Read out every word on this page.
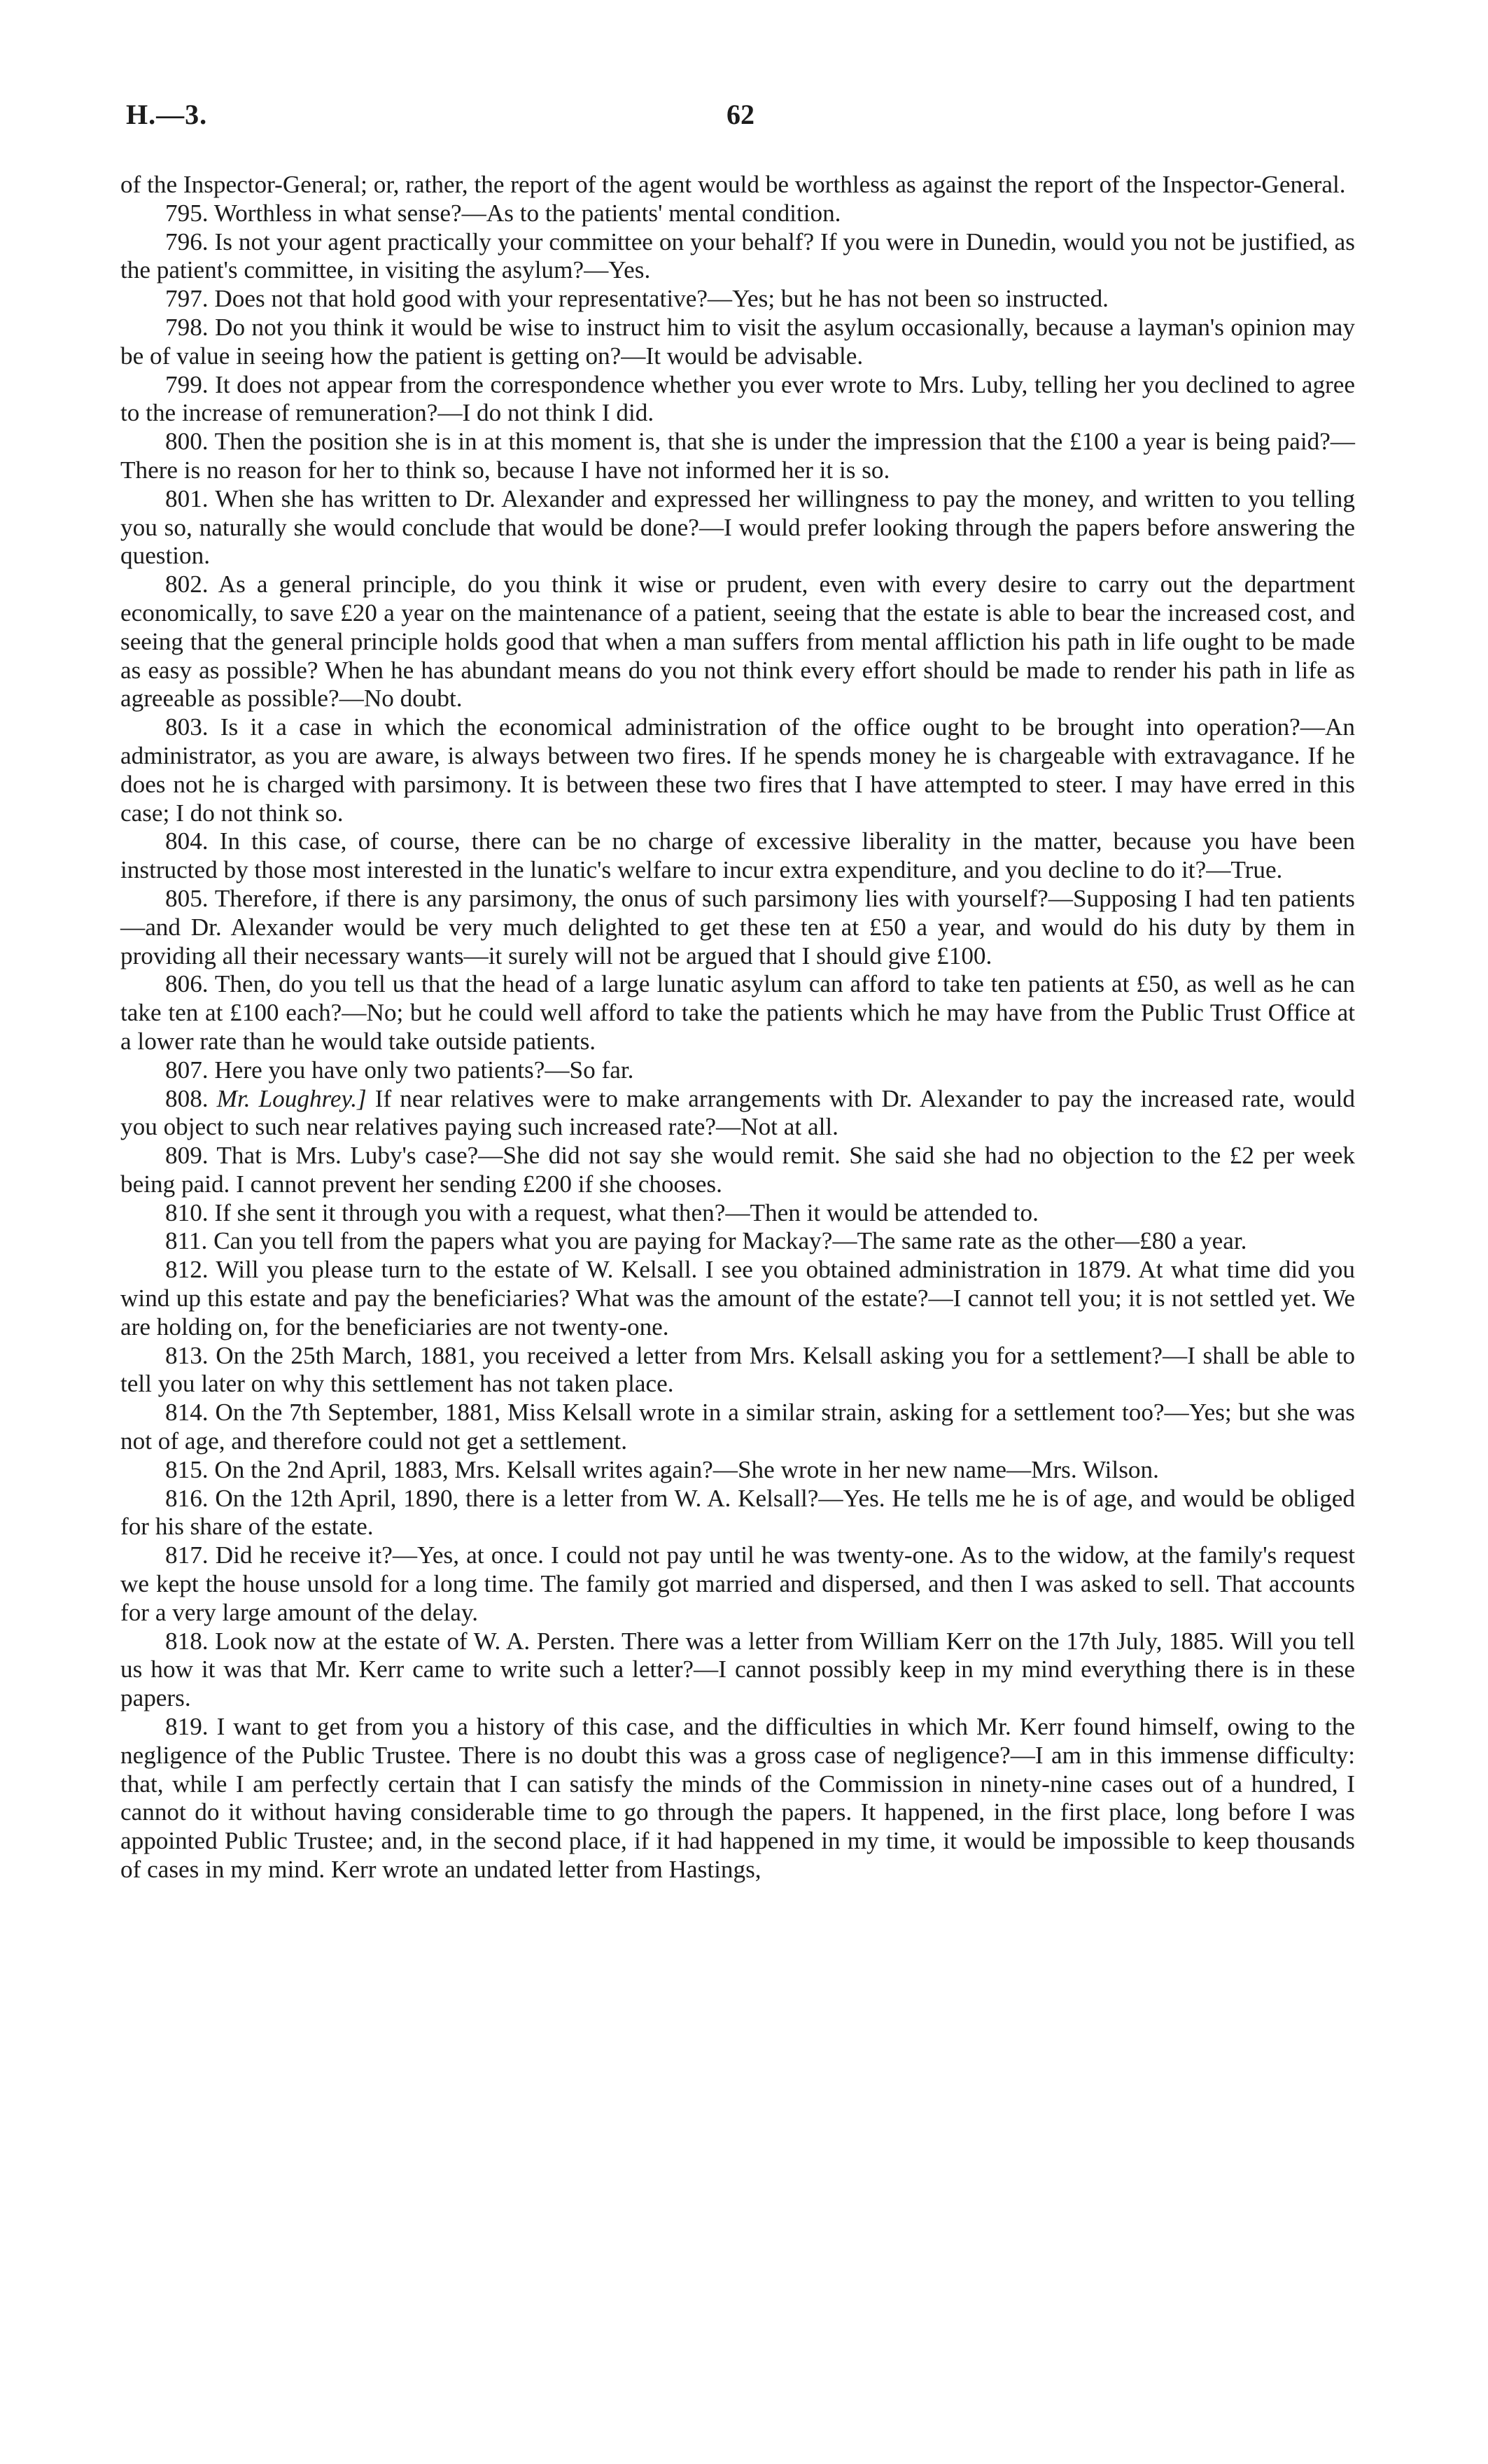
H.—3.	62

of the Inspector-General; or, rather, the report of the agent would be worthless as against the report of the Inspector-General.

795. Worthless in what sense?—As to the patients' mental condition.

796. Is not your agent practically your committee on your behalf? If you were in Dunedin, would you not be justified, as the patient's committee, in visiting the asylum?—Yes.

797. Does not that hold good with your representative?—Yes; but he has not been so instructed.

798. Do not you think it would be wise to instruct him to visit the asylum occasionally, because a layman's opinion may be of value in seeing how the patient is getting on?—It would be advisable.

799. It does not appear from the correspondence whether you ever wrote to Mrs. Luby, telling her you declined to agree to the increase of remuneration?—I do not think I did.

800. Then the position she is in at this moment is, that she is under the impression that the £100 a year is being paid?—There is no reason for her to think so, because I have not informed her it is so.

801. When she has written to Dr. Alexander and expressed her willingness to pay the money, and written to you telling you so, naturally she would conclude that would be done?—I would prefer looking through the papers before answering the question.

802. As a general principle, do you think it wise or prudent, even with every desire to carry out the department economically, to save £20 a year on the maintenance of a patient, seeing that the estate is able to bear the increased cost, and seeing that the general principle holds good that when a man suffers from mental affliction his path in life ought to be made as easy as possible? When he has abundant means do you not think every effort should be made to render his path in life as agreeable as possible?—No doubt.

803. Is it a case in which the economical administration of the office ought to be brought into operation?—An administrator, as you are aware, is always between two fires. If he spends money he is chargeable with extravagance. If he does not he is charged with parsimony. It is between these two fires that I have attempted to steer. I may have erred in this case; I do not think so.

804. In this case, of course, there can be no charge of excessive liberality in the matter, because you have been instructed by those most interested in the lunatic's welfare to incur extra expenditure, and you decline to do it?—True.

805. Therefore, if there is any parsimony, the onus of such parsimony lies with yourself?—Supposing I had ten patients—and Dr. Alexander would be very much delighted to get these ten at £50 a year, and would do his duty by them in providing all their necessary wants—it surely will not be argued that I should give £100.

806. Then, do you tell us that the head of a large lunatic asylum can afford to take ten patients at £50, as well as he can take ten at £100 each?—No; but he could well afford to take the patients which he may have from the Public Trust Office at a lower rate than he would take outside patients.

807. Here you have only two patients?—So far.

808. Mr. Loughrey.] If near relatives were to make arrangements with Dr. Alexander to pay the increased rate, would you object to such near relatives paying such increased rate?—Not at all.

809. That is Mrs. Luby's case?—She did not say she would remit. She said she had no objection to the £2 per week being paid. I cannot prevent her sending £200 if she chooses.

810. If she sent it through you with a request, what then?—Then it would be attended to.

811. Can you tell from the papers what you are paying for Mackay?—The same rate as the other—£80 a year.

812. Will you please turn to the estate of W. Kelsall. I see you obtained administration in 1879. At what time did you wind up this estate and pay the beneficiaries? What was the amount of the estate?—I cannot tell you; it is not settled yet. We are holding on, for the beneficiaries are not twenty-one.

813. On the 25th March, 1881, you received a letter from Mrs. Kelsall asking you for a settlement?—I shall be able to tell you later on why this settlement has not taken place.

814. On the 7th September, 1881, Miss Kelsall wrote in a similar strain, asking for a settlement too?—Yes; but she was not of age, and therefore could not get a settlement.

815. On the 2nd April, 1883, Mrs. Kelsall writes again?—She wrote in her new name—Mrs. Wilson.

816. On the 12th April, 1890, there is a letter from W. A. Kelsall?—Yes. He tells me he is of age, and would be obliged for his share of the estate.

817. Did he receive it?—Yes, at once. I could not pay until he was twenty-one. As to the widow, at the family's request we kept the house unsold for a long time. The family got married and dispersed, and then I was asked to sell. That accounts for a very large amount of the delay.

818. Look now at the estate of W. A. Persten. There was a letter from William Kerr on the 17th July, 1885. Will you tell us how it was that Mr. Kerr came to write such a letter?—I cannot possibly keep in my mind everything there is in these papers.

819. I want to get from you a history of this case, and the difficulties in which Mr. Kerr found himself, owing to the negligence of the Public Trustee. There is no doubt this was a gross case of negligence?—I am in this immense difficulty: that, while I am perfectly certain that I can satisfy the minds of the Commission in ninety-nine cases out of a hundred, I cannot do it without having considerable time to go through the papers. It happened, in the first place, long before I was appointed Public Trustee; and, in the second place, if it had happened in my time, it would be impossible to keep thousands of cases in my mind. Kerr wrote an undated letter from Hastings,
